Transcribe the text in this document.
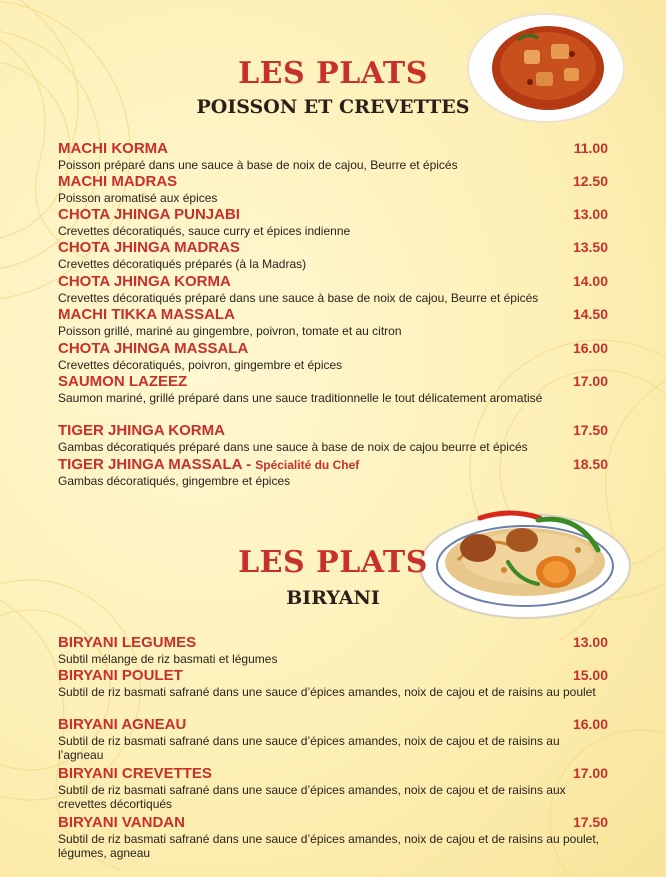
LES PLATS
POISSON ET CREVETTES
MACHI KORMA	11.00
Poisson préparé dans une sauce à base de noix de cajou, Beurre et épicés
MACHI MADRAS	12.50
Poisson aromatisé aux épices
CHOTA JHINGA PUNJABI	13.00
Crevettes décoratiqués, sauce curry et épices indienne
CHOTA JHINGA MADRAS	13.50
Crevettes décoratiqués préparés (à la Madras)
CHOTA JHINGA KORMA	14.00
Crevettes décoratiqués préparé dans une sauce à base de noix de cajou, Beurre et épicés
MACHI TIKKA MASSALA	14.50
Poisson grillé, mariné au gingembre, poivron, tomate et au citron
CHOTA JHINGA MASSALA	16.00
Crevettes décoratiqués, poivron, gingembre et épices
SAUMON LAZEEZ	17.00
Saumon mariné, grillé préparé dans une sauce traditionnelle le tout délicatement aromatisé
TIGER JHINGA KORMA	17.50
Gambas décoratiqués préparé dans une sauce à base de noix de cajou beurre et épicés
TIGER JHINGA MASSALA - Spécialité du Chef	18.50
Gambas décoratiqués, gingembre et épices
LES PLATS
BIRYANI
BIRYANI LEGUMES	13.00
Subtil mélange de riz basmati et légumes
BIRYANI POULET	15.00
Subtil de riz basmati safrané dans une sauce d’épices amandes, noix de cajou et de raisins au poulet
BIRYANI AGNEAU	16.00
Subtil de riz basmati safrané dans une sauce d’épices amandes, noix de cajou et de raisins au l’agneau
BIRYANI CREVETTES	17.00
Subtil de riz basmati safrané dans une sauce d’épices amandes, noix de cajou et de raisins aux crevettes décortiqués
BIRYANI VANDAN	17.50
Subtil de riz basmati safrané dans une sauce d’épices amandes, noix de cajou et de raisins au poulet, légumes, agneau
